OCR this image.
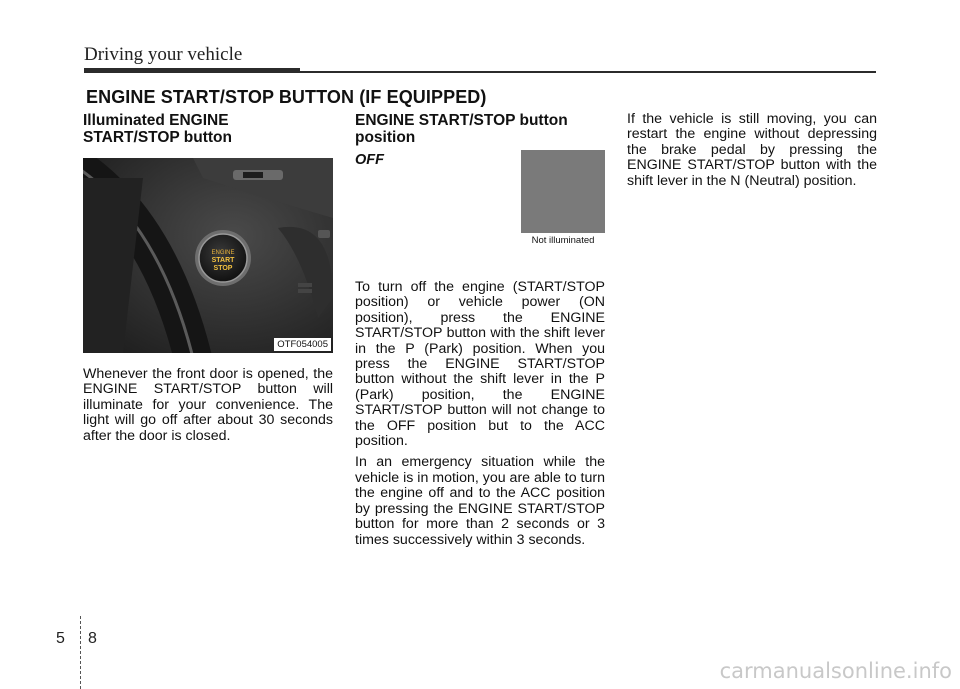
Driving your vehicle
ENGINE START/STOP BUTTON (IF EQUIPPED)

Illuminated ENGINE

START/STOP button

ENGINE
START
STOP
OTF054005

Whenever the front door is opened, the ENGINE START/STOP button will illuminate for your convenience. The light will go off after about 30 seconds after the door is closed.

ENGINE START/STOP button

position

OFF
Not illuminated

To turn off the engine (START/STOP position) or vehicle power (ON position), press the ENGINE START/STOP button with the shift lever in the P (Park) position. When you press the ENGINE START/STOP button without the shift lever in the P (Park) position, the ENGINE START/STOP button will not change to the OFF position but to the ACC position.

In an emergency situation while the vehicle is in motion, you are able to turn the engine off and to the ACC position by pressing the ENGINE START/STOP button for more than 2 seconds or 3 times successively within 3 seconds.

If the vehicle is still moving, you can restart the engine without depressing the brake pedal by pressing the ENGINE START/STOP button with the shift lever in the N (Neutral) position.

5 8
carmanualsonline.info
